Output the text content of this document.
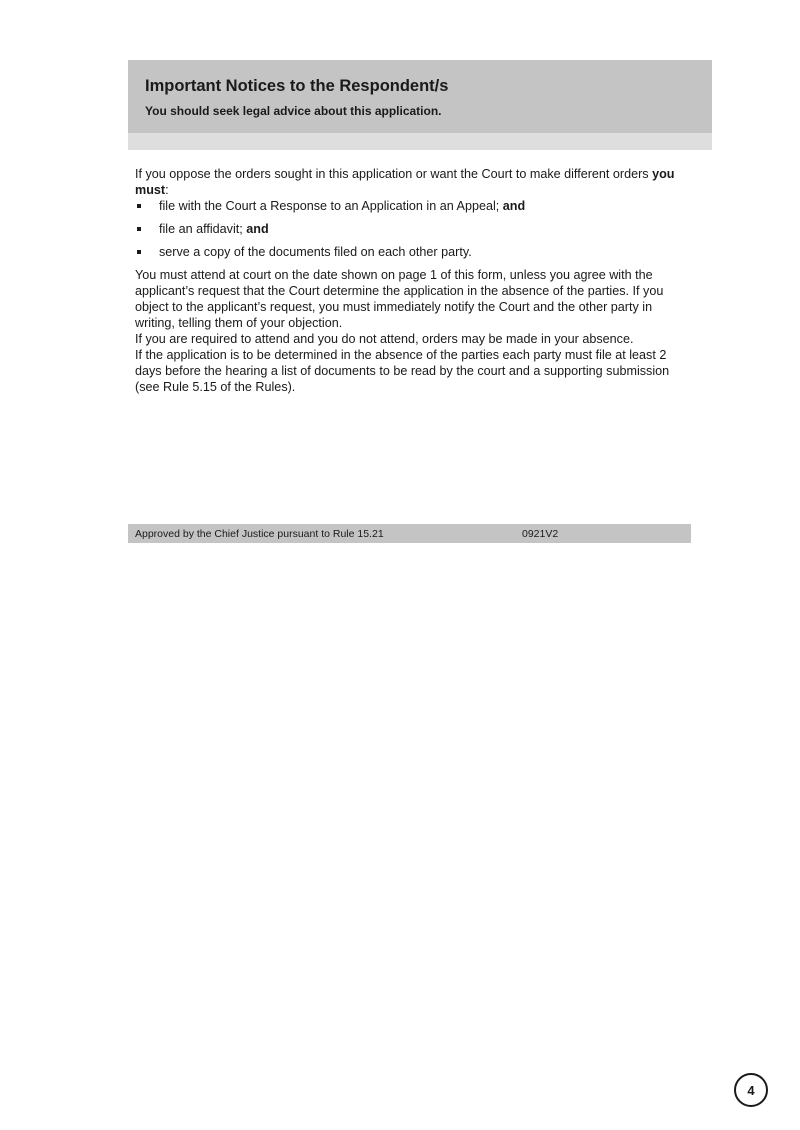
Important Notices to the Respondent/s
You should seek legal advice about this application.

If you oppose the orders sought in this application or want the Court to make different orders you must:

file with the Court a Response to an Application in an Appeal; and
file an affidavit; and
serve a copy of the documents filed on each other party.

You must attend at court on the date shown on page 1 of this form, unless you agree with the applicant’s request that the Court determine the application in the absence of the parties. If you object to the applicant’s request, you must immediately notify the Court and the other party in writing, telling them of your objection.

If you are required to attend and you do not attend, orders may be made in your absence.

If the application is to be determined in the absence of the parties each party must file at least 2 days before the hearing a list of documents to be read by the court and a supporting submission (see Rule 5.15 of the Rules).

Approved by the Chief Justice pursuant to Rule 15.21	0921V2
4
